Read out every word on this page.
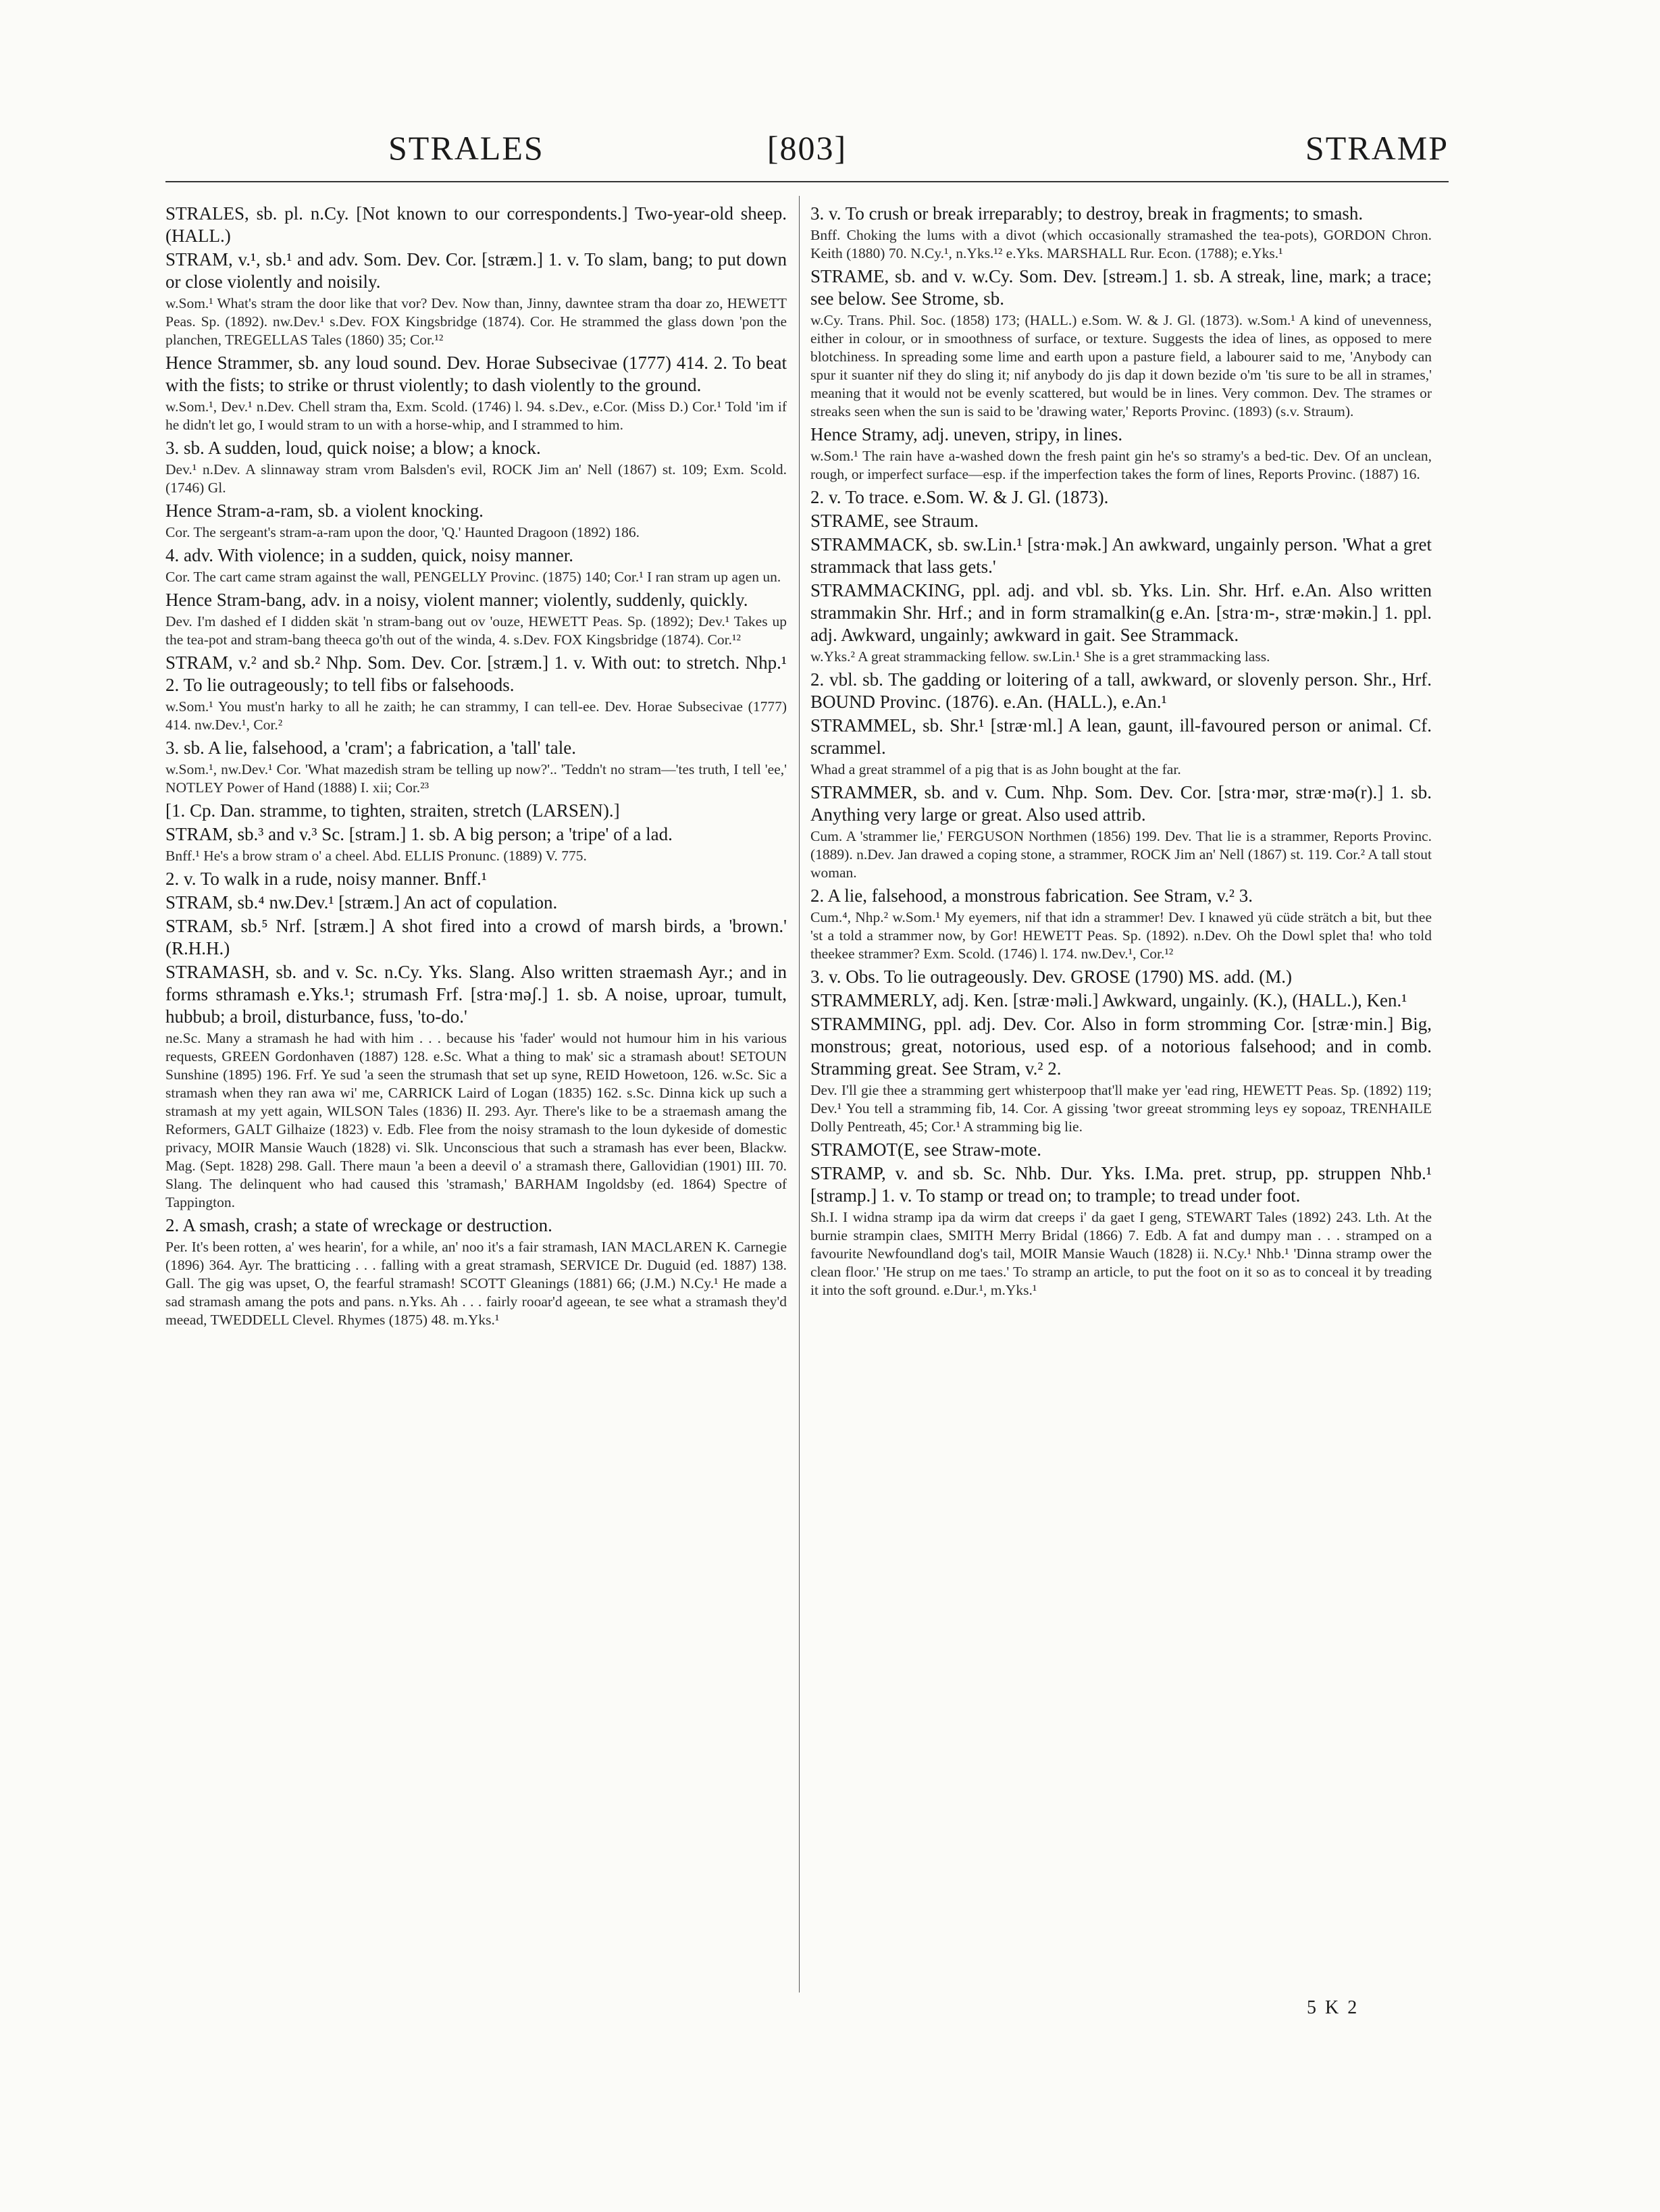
STRALES	[803]	STRAMP

STRALES, sb. pl. n.Cy. [Not known to our correspondents.] Two-year-old sheep. (HALL.)

STRAM, v.¹, sb.¹ and adv. Som. Dev. Cor. [stræm.] 1. v. To slam, bang; to put down or close violently and noisily.

w.Som.¹ What's stram the door like that vor? Dev. Now than, Jinny, dawntee stram tha doar zo, HEWETT Peas. Sp. (1892). nw.Dev.¹ s.Dev. FOX Kingsbridge (1874). Cor. He strammed the glass down 'pon the planchen, TREGELLAS Tales (1860) 35; Cor.¹²

Hence Strammer, sb. any loud sound. Dev. Horae Subsecivae (1777) 414. 2. To beat with the fists; to strike or thrust violently; to dash violently to the ground.

w.Som.¹, Dev.¹ n.Dev. Chell stram tha, Exm. Scold. (1746) l. 94. s.Dev., e.Cor. (Miss D.) Cor.¹ Told 'im if he didn't let go, I would stram to un with a horse-whip, and I strammed to him.

3. sb. A sudden, loud, quick noise; a blow; a knock.

Dev.¹ n.Dev. A slinnaway stram vrom Balsden's evil, ROCK Jim an' Nell (1867) st. 109; Exm. Scold. (1746) Gl.

Hence Stram-a-ram, sb. a violent knocking.

Cor. The sergeant's stram-a-ram upon the door, 'Q.' Haunted Dragoon (1892) 186.

4. adv. With violence; in a sudden, quick, noisy manner.

Cor. The cart came stram against the wall, PENGELLY Provinc. (1875) 140; Cor.¹ I ran stram up agen un.

Hence Stram-bang, adv. in a noisy, violent manner; violently, suddenly, quickly.

Dev. I'm dashed ef I didden skät 'n stram-bang out ov 'ouze, HEWETT Peas. Sp. (1892); Dev.¹ Takes up the tea-pot and stram-bang theeca go'th out of the winda, 4. s.Dev. FOX Kingsbridge (1874). Cor.¹²

STRAM, v.² and sb.² Nhp. Som. Dev. Cor. [stræm.] 1. v. With out: to stretch. Nhp.¹ 2. To lie outrageously; to tell fibs or falsehoods.

w.Som.¹ You must'n harky to all he zaith; he can strammy, I can tell-ee. Dev. Horae Subsecivae (1777) 414. nw.Dev.¹, Cor.²

3. sb. A lie, falsehood, a 'cram'; a fabrication, a 'tall' tale.

w.Som.¹, nw.Dev.¹ Cor. 'What mazedish stram be telling up now?'.. 'Teddn't no stram—'tes truth, I tell 'ee,' NOTLEY Power of Hand (1888) I. xii; Cor.²³

[1. Cp. Dan. stramme, to tighten, straiten, stretch (LARSEN).]

STRAM, sb.³ and v.³ Sc. [stram.] 1. sb. A big person; a 'tripe' of a lad.

Bnff.¹ He's a brow stram o' a cheel. Abd. ELLIS Pronunc. (1889) V. 775.

2. v. To walk in a rude, noisy manner. Bnff.¹

STRAM, sb.⁴ nw.Dev.¹ [stræm.] An act of copulation.

STRAM, sb.⁵ Nrf. [stræm.] A shot fired into a crowd of marsh birds, a 'brown.' (R.H.H.)

STRAMASH, sb. and v. Sc. n.Cy. Yks. Slang. Also written straemash Ayr.; and in forms sthramash e.Yks.¹; strumash Frf. [stra·məʃ.] 1. sb. A noise, uproar, tumult, hubbub; a broil, disturbance, fuss, 'to-do.'

ne.Sc. Many a stramash he had with him . . . because his 'fader' would not humour him in his various requests, GREEN Gordonhaven (1887) 128. e.Sc. What a thing to mak' sic a stramash about! SETOUN Sunshine (1895) 196. Frf. Ye sud 'a seen the strumash that set up syne, REID Howetoon, 126. w.Sc. Sic a stramash when they ran awa wi' me, CARRICK Laird of Logan (1835) 162. s.Sc. Dinna kick up such a stramash at my yett again, WILSON Tales (1836) II. 293. Ayr. There's like to be a straemash amang the Reformers, GALT Gilhaize (1823) v. Edb. Flee from the noisy stramash to the loun dykeside of domestic privacy, MOIR Mansie Wauch (1828) vi. Slk. Unconscious that such a stramash has ever been, Blackw. Mag. (Sept. 1828) 298. Gall. There maun 'a been a deevil o' a stramash there, Gallovidian (1901) III. 70. Slang. The delinquent who had caused this 'stramash,' BARHAM Ingoldsby (ed. 1864) Spectre of Tappington.

2. A smash, crash; a state of wreckage or destruction.

Per. It's been rotten, a' wes hearin', for a while, an' noo it's a fair stramash, IAN MACLAREN K. Carnegie (1896) 364. Ayr. The bratticing . . . falling with a great stramash, SERVICE Dr. Duguid (ed. 1887) 138. Gall. The gig was upset, O, the fearful stramash! SCOTT Gleanings (1881) 66; (J.M.) N.Cy.¹ He made a sad stramash amang the pots and pans. n.Yks. Ah . . . fairly rooar'd ageean, te see what a stramash they'd meead, TWEDDELL Clevel. Rhymes (1875) 48. m.Yks.¹

3. v. To crush or break irreparably; to destroy, break in fragments; to smash.

Bnff. Choking the lums with a divot (which occasionally stramashed the tea-pots), GORDON Chron. Keith (1880) 70. N.Cy.¹, n.Yks.¹² e.Yks. MARSHALL Rur. Econ. (1788); e.Yks.¹

STRAME, sb. and v. w.Cy. Som. Dev. [streəm.] 1. sb. A streak, line, mark; a trace; see below. See Strome, sb.

w.Cy. Trans. Phil. Soc. (1858) 173; (HALL.) e.Som. W. & J. Gl. (1873). w.Som.¹ A kind of unevenness, either in colour, or in smoothness of surface, or texture. Suggests the idea of lines, as opposed to mere blotchiness. In spreading some lime and earth upon a pasture field, a labourer said to me, 'Anybody can spur it suanter nif they do sling it; nif anybody do jis dap it down bezide o'm 'tis sure to be all in strames,' meaning that it would not be evenly scattered, but would be in lines. Very common. Dev. The strames or streaks seen when the sun is said to be 'drawing water,' Reports Provinc. (1893) (s.v. Straum).

Hence Stramy, adj. uneven, stripy, in lines.

w.Som.¹ The rain have a-washed down the fresh paint gin he's so stramy's a bed-tic. Dev. Of an unclean, rough, or imperfect surface—esp. if the imperfection takes the form of lines, Reports Provinc. (1887) 16.

2. v. To trace. e.Som. W. & J. Gl. (1873).

STRAME, see Straum.

STRAMMACK, sb. sw.Lin.¹ [stra·mək.] An awkward, ungainly person. 'What a gret strammack that lass gets.'

STRAMMACKING, ppl. adj. and vbl. sb. Yks. Lin. Shr. Hrf. e.An. Also written strammakin Shr. Hrf.; and in form stramalkin(g e.An. [stra·m-, stræ·məkin.] 1. ppl. adj. Awkward, ungainly; awkward in gait. See Strammack.

w.Yks.² A great strammacking fellow. sw.Lin.¹ She is a gret strammacking lass.

2. vbl. sb. The gadding or loitering of a tall, awkward, or slovenly person. Shr., Hrf. BOUND Provinc. (1876). e.An. (HALL.), e.An.¹

STRAMMEL, sb. Shr.¹ [stræ·ml.] A lean, gaunt, ill-favoured person or animal. Cf. scrammel.

Whad a great strammel of a pig that is as John bought at the far.

STRAMMER, sb. and v. Cum. Nhp. Som. Dev. Cor. [stra·mər, stræ·mə(r).] 1. sb. Anything very large or great. Also used attrib.

Cum. A 'strammer lie,' FERGUSON Northmen (1856) 199. Dev. That lie is a strammer, Reports Provinc. (1889). n.Dev. Jan drawed a coping stone, a strammer, ROCK Jim an' Nell (1867) st. 119. Cor.² A tall stout woman.

2. A lie, falsehood, a monstrous fabrication. See Stram, v.² 3.

Cum.⁴, Nhp.² w.Som.¹ My eyemers, nif that idn a strammer! Dev. I knawed yü cüde strätch a bit, but thee 'st a told a strammer now, by Gor! HEWETT Peas. Sp. (1892). n.Dev. Oh the Dowl splet tha! who told theekee strammer? Exm. Scold. (1746) l. 174. nw.Dev.¹, Cor.¹²

3. v. Obs. To lie outrageously. Dev. GROSE (1790) MS. add. (M.)

STRAMMERLY, adj. Ken. [stræ·məli.] Awkward, ungainly. (K.), (HALL.), Ken.¹

STRAMMING, ppl. adj. Dev. Cor. Also in form stromming Cor. [stræ·min.] Big, monstrous; great, notorious, used esp. of a notorious falsehood; and in comb. Stramming great. See Stram, v.² 2.

Dev. I'll gie thee a stramming gert whisterpoop that'll make yer 'ead ring, HEWETT Peas. Sp. (1892) 119; Dev.¹ You tell a stramming fib, 14. Cor. A gissing 'twor greeat stromming leys ey sopoaz, TRENHAILE Dolly Pentreath, 45; Cor.¹ A stramming big lie.

STRAMOT(E, see Straw-mote.

STRAMP, v. and sb. Sc. Nhb. Dur. Yks. I.Ma. pret. strup, pp. struppen Nhb.¹ [stramp.] 1. v. To stamp or tread on; to trample; to tread under foot.

Sh.I. I widna stramp ipa da wirm dat creeps i' da gaet I geng, STEWART Tales (1892) 243. Lth. At the burnie strampin claes, SMITH Merry Bridal (1866) 7. Edb. A fat and dumpy man . . . stramped on a favourite Newfoundland dog's tail, MOIR Mansie Wauch (1828) ii. N.Cy.¹ Nhb.¹ 'Dinna stramp ower the clean floor.' 'He strup on me taes.' To stramp an article, to put the foot on it so as to conceal it by treading it into the soft ground. e.Dur.¹, m.Yks.¹

5 K 2
